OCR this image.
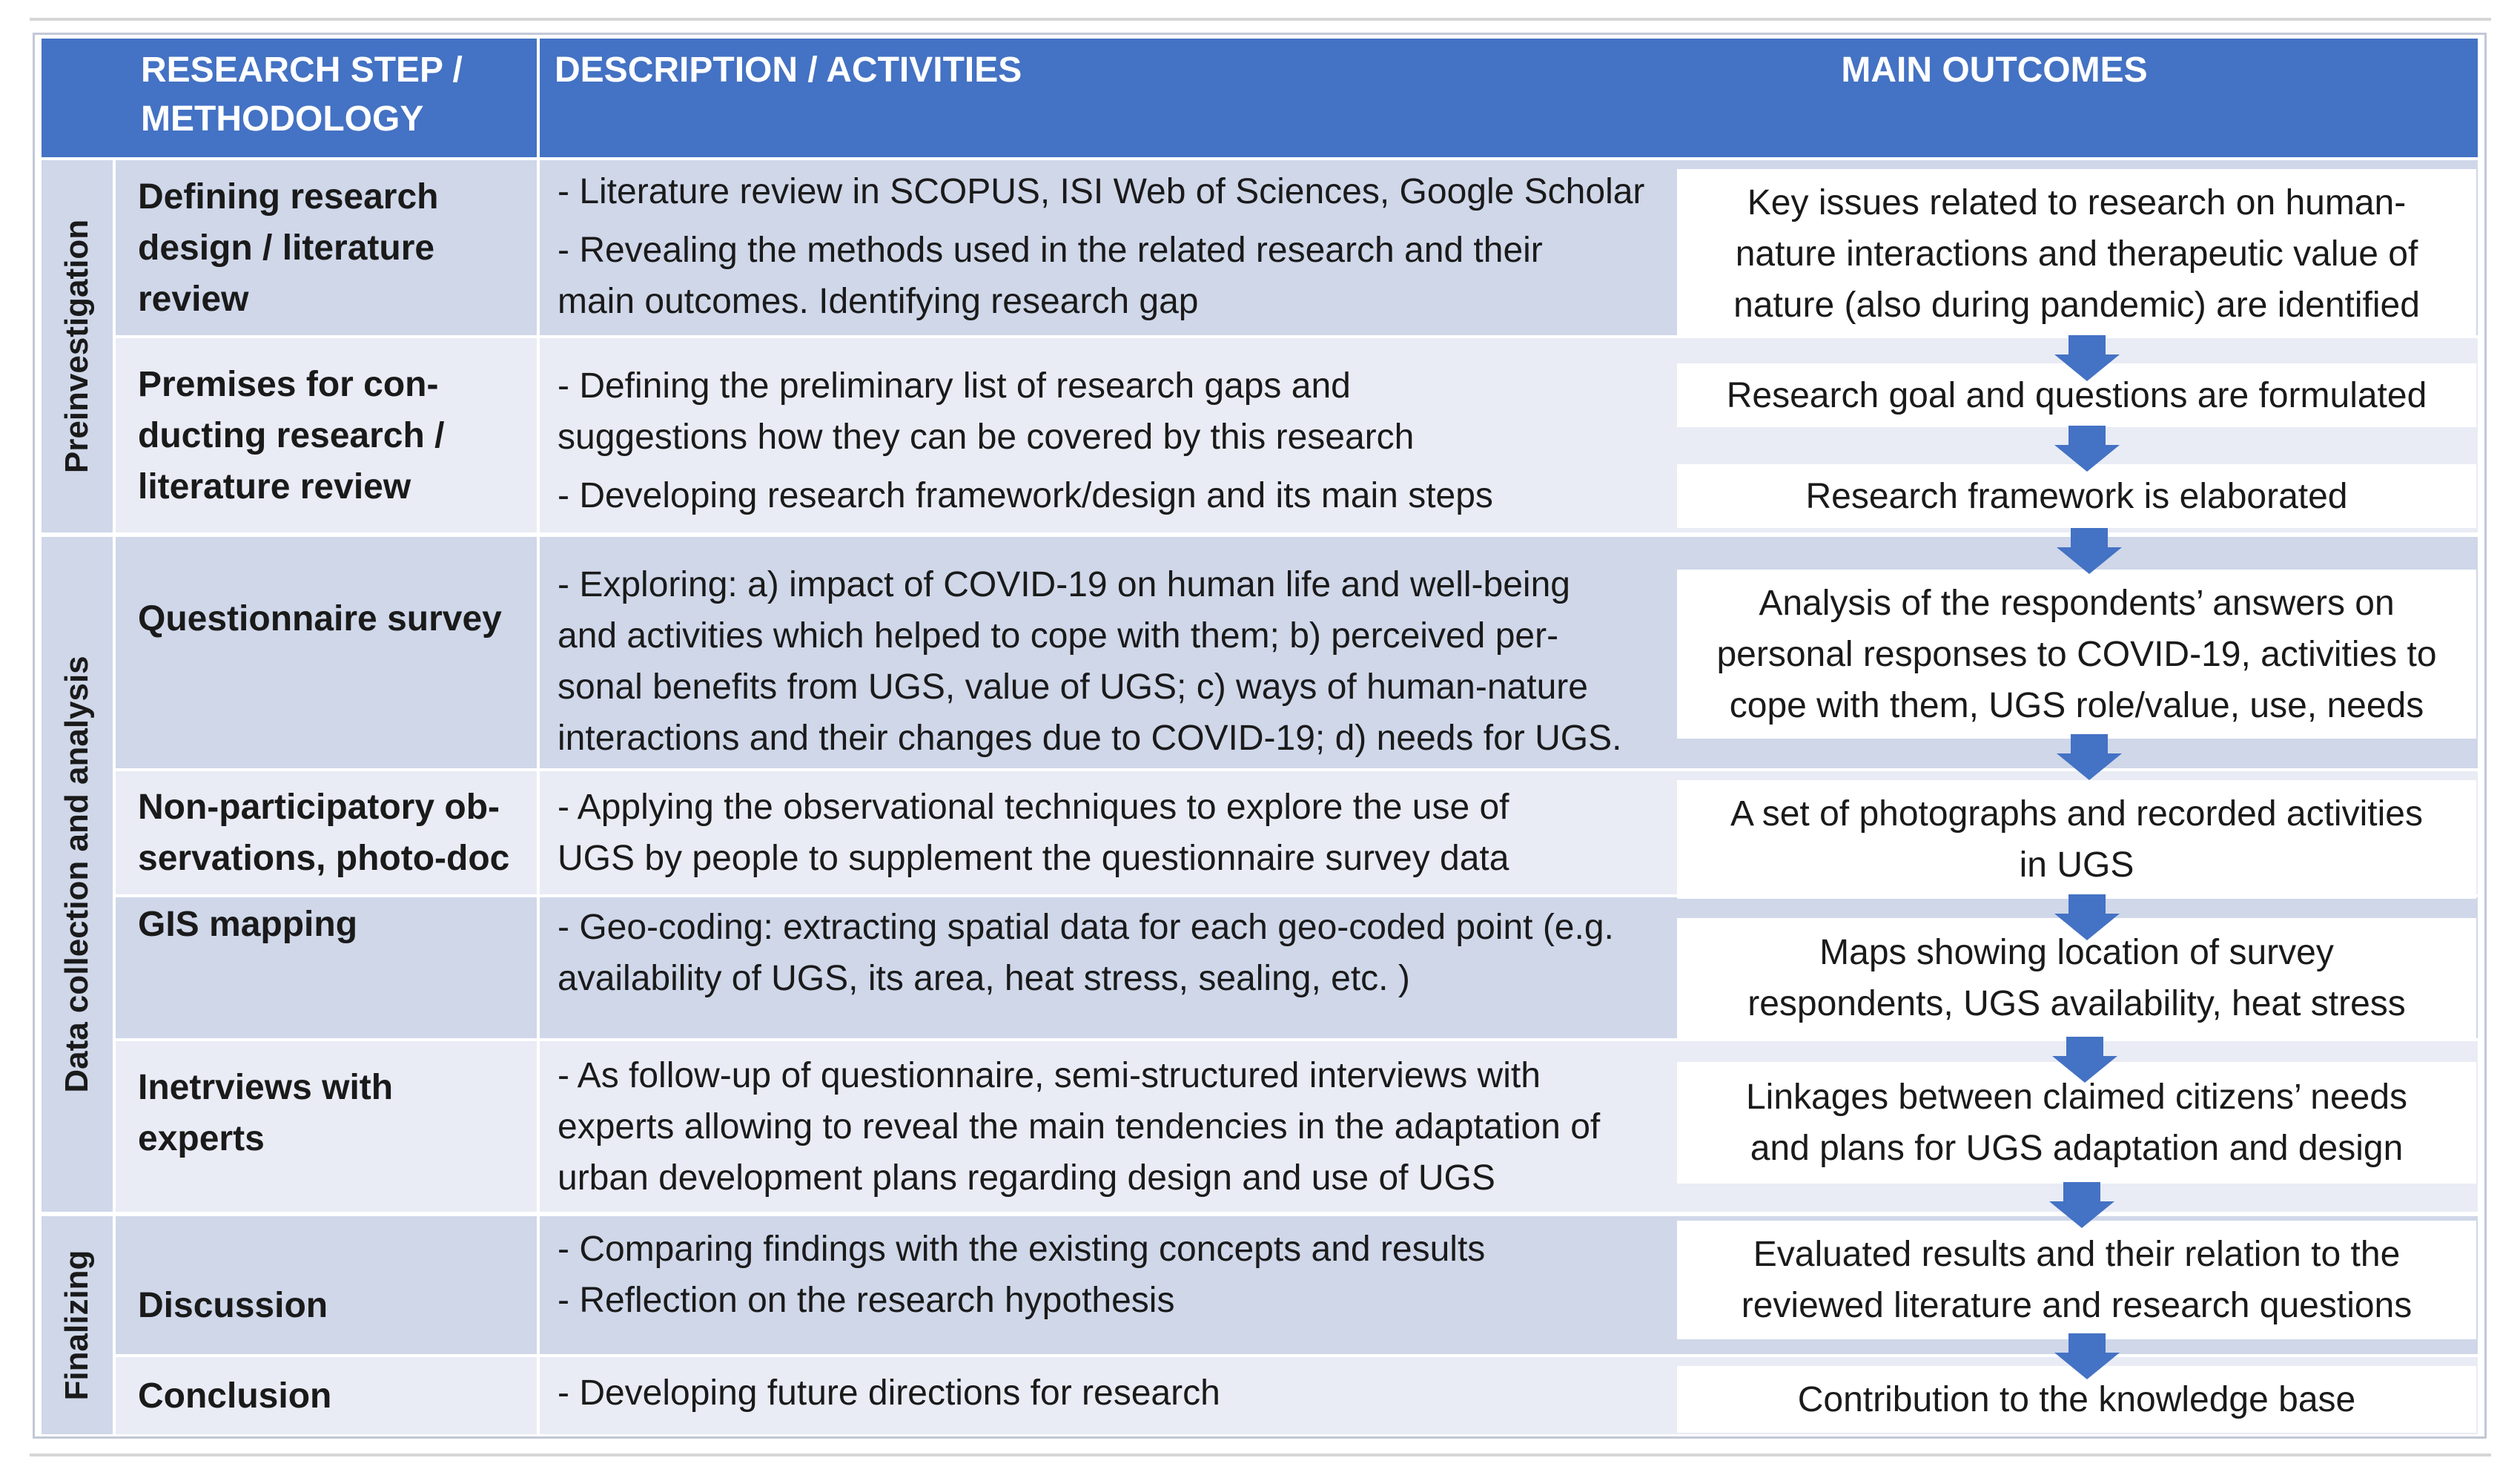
RESEARCH STEP /
METHODOLOGY
DESCRIPTION / ACTIVITIES	MAIN OUTCOMES
Preinvestigation
Data collection and analysis
Finalizing
Defining research
design / literature
review
Premises for con-
ducting research /
literature review
Questionnaire survey
Non-participatory ob-
servations, photo-doc
GIS mapping
Inetrviews with
experts
Discussion
Conclusion

- Literature review in SCOPUS, ISI Web of Sciences, Google Scholar

- Revealing the methods used in the related research and their
main outcomes. Identifying research gap

- Defining the preliminary list of research gaps and
suggestions how they can be covered by this research

- Developing research framework/design and its main steps

- Exploring: a) impact of COVID-19 on human life and well-being
and activities which helped to cope with them; b) perceived per-
sonal benefits from UGS, value of UGS; c) ways of human-nature
interactions and their changes due to COVID-19; d) needs for UGS.

- Applying the observational techniques to explore the use of
UGS by people to supplement the questionnaire survey data

- Geo-coding: extracting spatial data for each geo-coded point (e.g.
availability of UGS, its area, heat stress, sealing, etc. )

- As follow-up of questionnaire, semi-structured interviews with
experts allowing to reveal the main tendencies in the adaptation of
urban development plans regarding design and use of UGS

- Comparing findings with the existing concepts and results

- Reflection on the research hypothesis

- Developing future directions for research

Key issues related to research on human-
nature interactions and therapeutic value of
nature (also during pandemic) are identified
Research goal and questions are formulated
Research framework is elaborated
Analysis of the respondents’ answers on
personal responses to COVID-19, activities to
cope with them, UGS role/value, use, needs
A set of photographs and recorded activities
in UGS
Maps showing location of survey
respondents, UGS availability, heat stress
Linkages between claimed citizens’ needs
and plans for UGS adaptation and design
Evaluated results and their relation to the
reviewed literature and research questions
Contribution to the knowledge base
